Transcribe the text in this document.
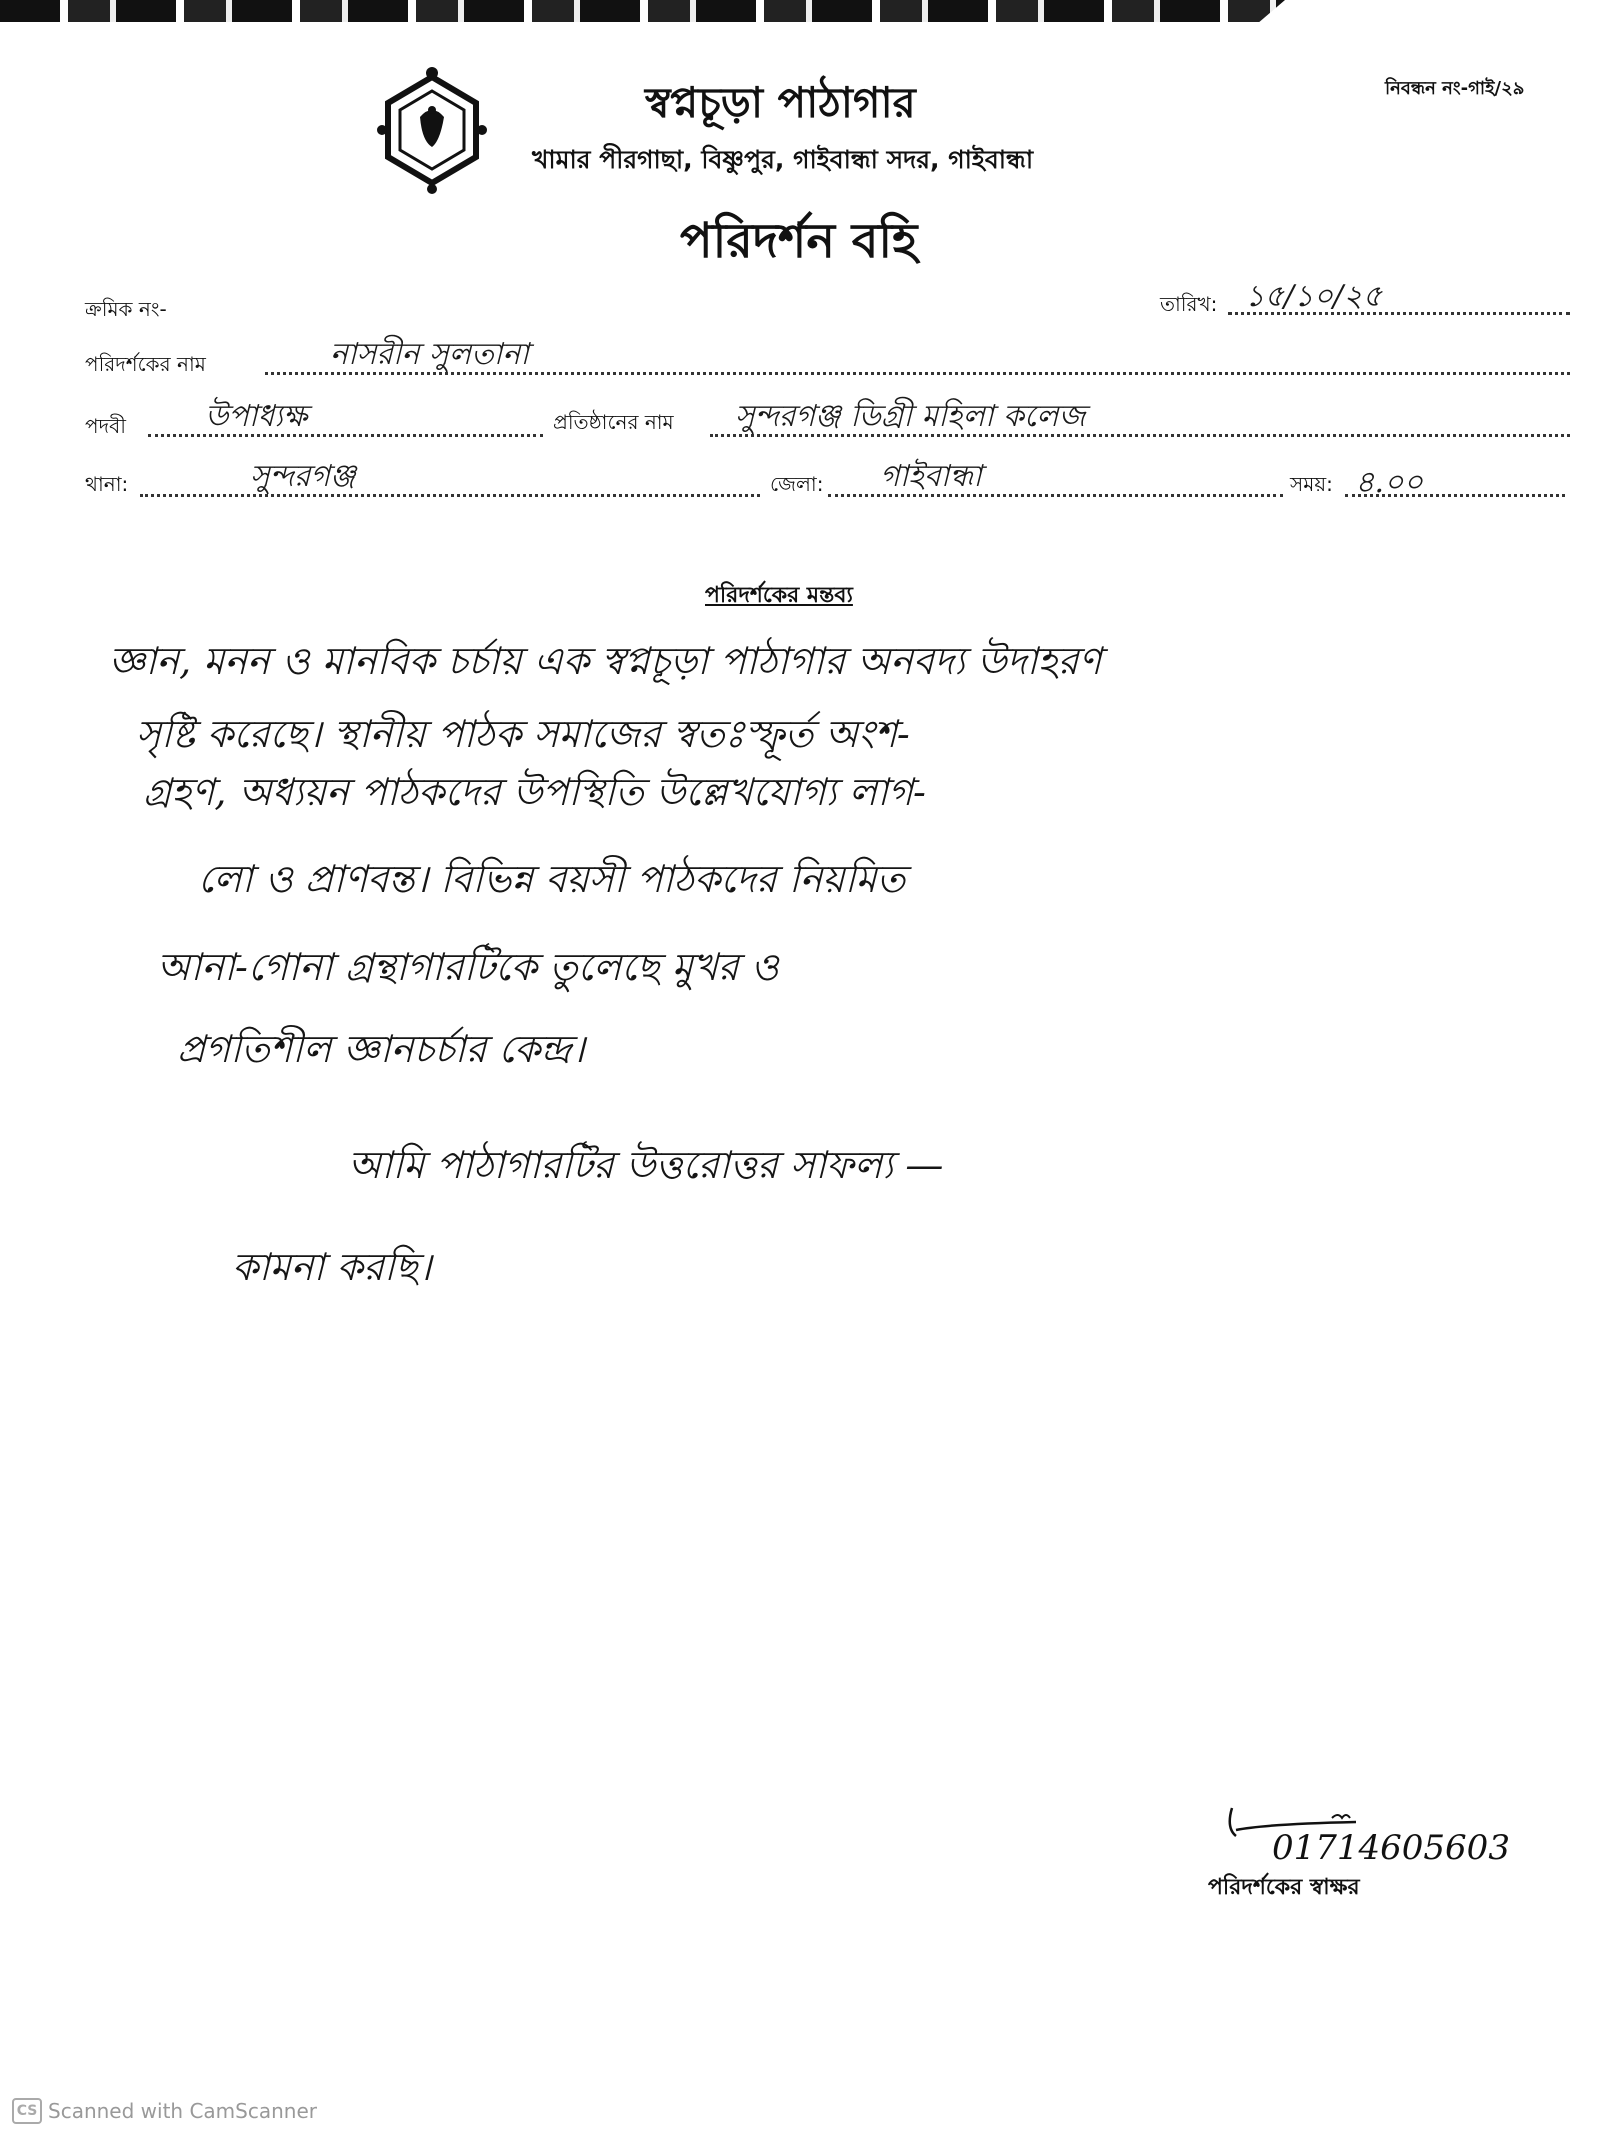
স্বপ্নচূড়া পাঠাগার
খামার পীরগাছা, বিষ্ণুপুর, গাইবান্ধা সদর, গাইবান্ধা
নিবন্ধন নং-গাই/২৯
পরিদর্শন বহি
ক্রমিক নং-	তারিখ: ১৫/১০/২৫
পরিদর্শকের নাম	নাসরীন সুলতানা
পদবী	উপাধ্যক্ষ	প্রতিষ্ঠানের নাম সুন্দরগঞ্জ ডিগ্রী মহিলা কলেজ
থানা:	সুন্দরগঞ্জ	জেলা: গাইবান্ধা	সময়: ৪.০০
পরিদর্শকের মন্তব্য
জ্ঞান, মনন ও মানবিক চর্চায় এক স্বপ্নচূড়া পাঠাগার অনবদ্য উদাহরণ
সৃষ্টি করেছে। স্থানীয় পাঠক সমাজের স্বতঃস্ফূর্ত অংশ-
গ্রহণ, অধ্যয়ন পাঠকদের উপস্থিতি উল্লেখযোগ্য লাগ-
লো ও প্রাণবন্ত। বিভিন্ন বয়সী পাঠকদের নিয়মিত
আনা-গোনা গ্রন্থাগারটিকে তুলেছে মুখর ও
প্রগতিশীল জ্ঞানচর্চার কেন্দ্র।
আমি পাঠাগারটির উত্তরোত্তর সাফল্য —
কামনা করছি।
01714605603
পরিদর্শকের স্বাক্ষর
CS Scanned with CamScanner
